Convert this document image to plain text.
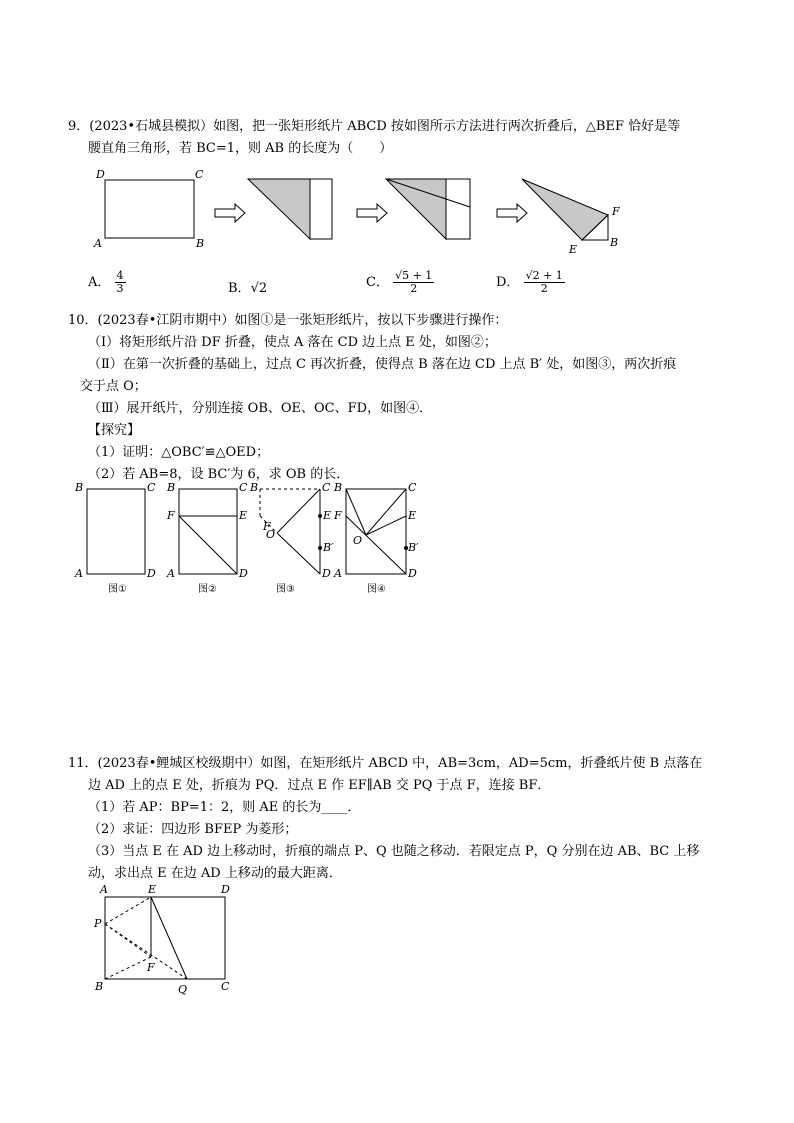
9．(2023•石城县模拟）如图，把一张矩形纸片 ABCD 按如图所示方法进行两次折叠后，△BEF 恰好是等
腰直角三角形，若 BC=1，则 AB 的长度为（　　）
D	C
A	B
F
E
B
A． $\frac{4}{3}$	B．√2	C． $\frac{√5 + 1}{2}$	D． $\frac{√2 + 1}{2}$
10．(2023春•江阴市期中）如图①是一张矩形纸片，按以下步骤进行操作：
（Ⅰ）将矩形纸片沿 DF 折叠，使点 A 落在 CD 边上点 E 处，如图②；
（Ⅱ）在第一次折叠的基础上，过点 C 再次折叠，使得点 B 落在边 CD 上点 B′ 处，如图③，两次折痕
交于点 O；
（Ⅲ）展开纸片，分别连接 OB、OE、OC、FD，如图④．
【探究】
（1）证明：△OBC′≌△OED；
（2）若 AB=8，设 BC′为 6，求 OB 的长．
B	C
A	D
B	C
F	E
A	D
B	C
F
O
E
B′
D
B	C
F	E
O
B′
A	D
图①	图②	图③	图④
11．(2023春•鲤城区校级期中）如图，在矩形纸片 ABCD 中，AB=3cm，AD=5cm，折叠纸片使 B 点落在
边 AD 上的点 E 处，折痕为 PQ．过点 E 作 EF∥AB 交 PQ 于点 F，连接 BF．
（1）若 AP：BP=1：2，则 AE 的长为____．
（2）求证：四边形 BFEP 为菱形；
（3）当点 E 在 AD 边上移动时，折痕的端点 P、Q 也随之移动．若限定点 P，Q 分别在边 AB、BC 上移
动，求出点 E 在边 AD 上移动的最大距离．
A	E	D
P
F
B	Q	C
